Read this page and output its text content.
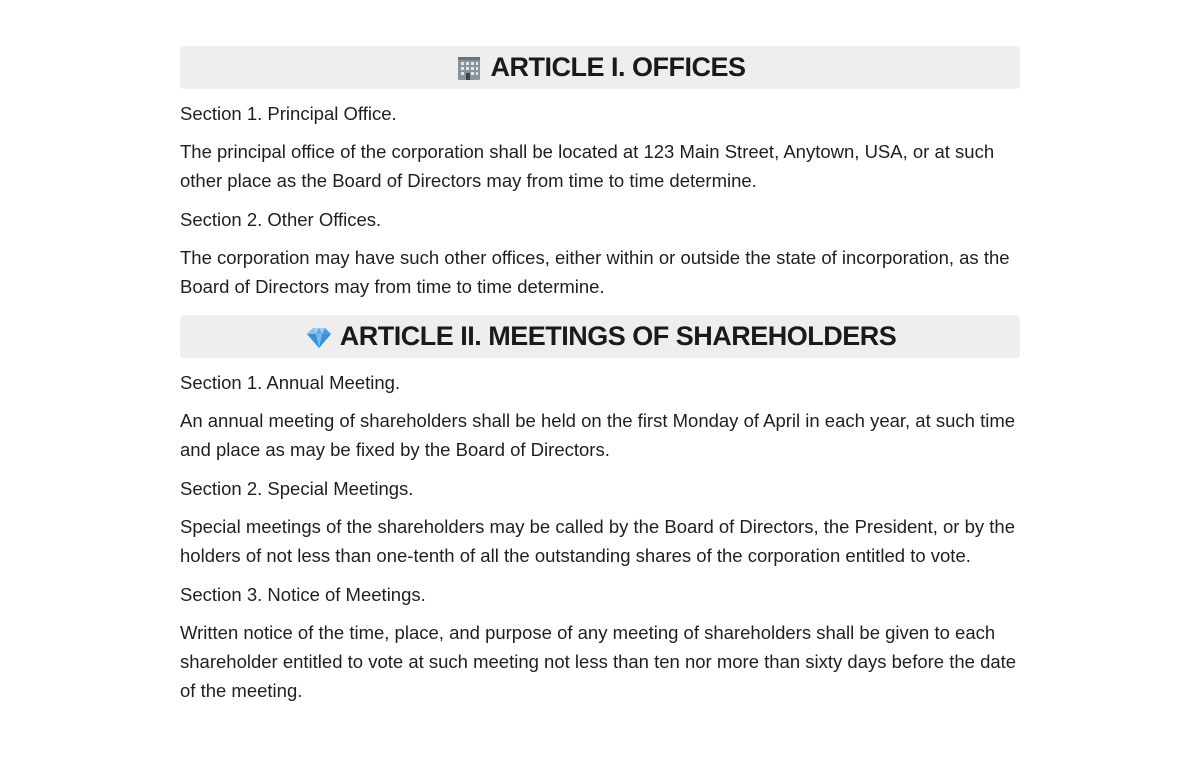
ARTICLE I. OFFICES
Section 1. Principal Office.

The principal office of the corporation shall be located at 123 Main Street, Anytown, USA, or at such other place as the Board of Directors may from time to time determine.

Section 2. Other Offices.

The corporation may have such other offices, either within or outside the state of incorporation, as the Board of Directors may from time to time determine.

ARTICLE II. MEETINGS OF SHAREHOLDERS
Section 1. Annual Meeting.

An annual meeting of shareholders shall be held on the first Monday of April in each year, at such time and place as may be fixed by the Board of Directors.

Section 2. Special Meetings.

Special meetings of the shareholders may be called by the Board of Directors, the President, or by the holders of not less than one-tenth of all the outstanding shares of the corporation entitled to vote.

Section 3. Notice of Meetings.

Written notice of the time, place, and purpose of any meeting of shareholders shall be given to each shareholder entitled to vote at such meeting not less than ten nor more than sixty days before the date of the meeting.
